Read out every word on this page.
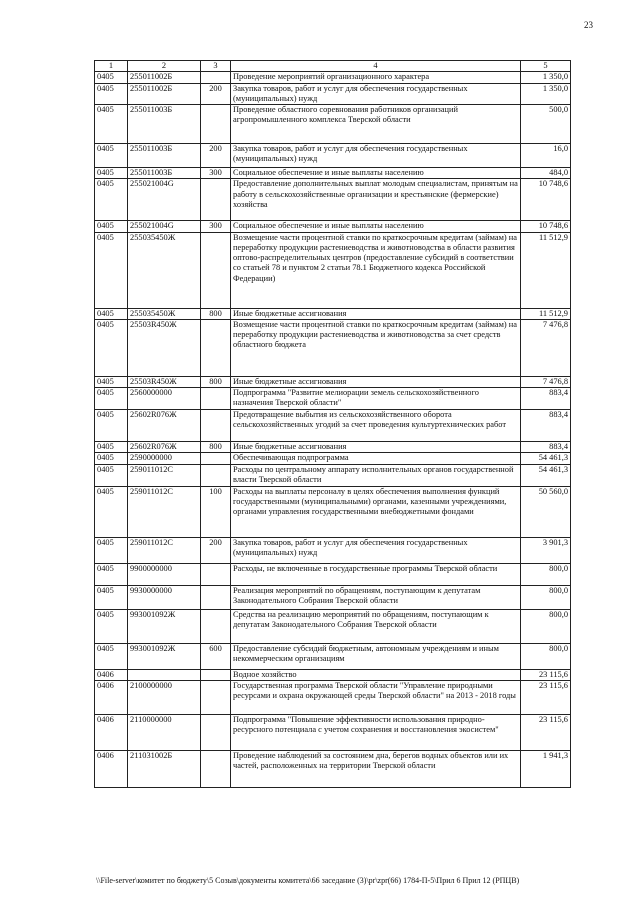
23
1	2	3	4	5
0405	255011002Б		Проведение мероприятий организационного характера	1 350,0
0405	255011002Б	200	Закупка товаров, работ и услуг для обеспечения государственных (муниципальных) нужд	1 350,0
0405	255011003Б		Проведение областного соревнования работников организаций агропромышленного комплекса Тверской области	500,0
0405	255011003Б	200	Закупка товаров, работ и услуг для обеспечения государственных (муниципальных) нужд	16,0
0405	255011003Б	300	Социальное обеспечение и иные выплаты населению	484,0
0405	255021004G		Предоставление дополнительных выплат молодым специалистам, принятым на работу в сельскохозяйственные организации и крестьянские (фермерские) хозяйства	10 748,6
0405	255021004G	300	Социальное обеспечение и иные выплаты населению	10 748,6
0405	255035450Ж		Возмещение части процентной ставки по краткосрочным кредитам (займам) на переработку продукции растениеводства и животноводства в области развития оптово-распределительных центров (предоставление субсидий в соответствии со статьей 78 и пунктом 2 статьи 78.1 Бюджетного кодекса Российской Федерации)	11 512,9
0405	255035450Ж	800	Иные бюджетные ассигнования	11 512,9
0405	25503R450Ж		Возмещение части процентной ставки по краткосрочным кредитам (займам) на переработку продукции растениеводства и животноводства за счет средств областного бюджета	7 476,8
0405	25503R450Ж	800	Иные бюджетные ассигнования	7 476,8
0405	2560000000		Подпрограмма "Развитие мелиорации земель сельскохозяйственного назначения Тверской области"	883,4
0405	25602R076Ж		Предотвращение выбытия из сельскохозяйственного оборота сельскохозяйственных угодий за счет проведения культуртехнических работ	883,4
0405	25602R076Ж	800	Иные бюджетные ассигнования	883,4
0405	2590000000		Обеспечивающая подпрограмма	54 461,3
0405	259011012С		Расходы по центральному аппарату исполнительных органов государственной власти Тверской области	54 461,3
0405	259011012С	100	Расходы на выплаты персоналу в целях обеспечения выполнения функций государственными (муниципальными) органами, казенными учреждениями, органами управления государственными внебюджетными фондами	50 560,0
0405	259011012С	200	Закупка товаров, работ и услуг для обеспечения государственных (муниципальных) нужд	3 901,3
0405	9900000000		Расходы, не включенные в государственные программы Тверской области	800,0
0405	9930000000		Реализация мероприятий по обращениям, поступающим к депутатам Законодательного Собрания Тверской области	800,0
0405	993001092Ж		Средства на реализацию мероприятий по обращениям, поступающим к депутатам Законодательного Собрания Тверской области	800,0
0405	993001092Ж	600	Предоставление субсидий бюджетным, автономным учреждениям и иным некоммерческим организациям	800,0
0406			Водное хозяйство	23 115,6
0406	2100000000		Государственная программа Тверской области "Управление природными ресурсами и охрана окружающей среды Тверской области" на 2013 - 2018 годы	23 115,6
0406	2110000000		Подпрограмма "Повышение эффективности использования природно-ресурсного потенциала с учетом сохранения и восстановления экосистем"	23 115,6
0406	211031002Б		Проведение наблюдений за состоянием дна, берегов водных объектов или их частей, расположенных на территории Тверской области	1 941,3
\\File-server\комитет по бюджету\5 Созыв\документы комитета\66 заседание (3)\pr\zpr(66) 1784-П-5\Прил 6 Прил 12 (РПЦВ)
